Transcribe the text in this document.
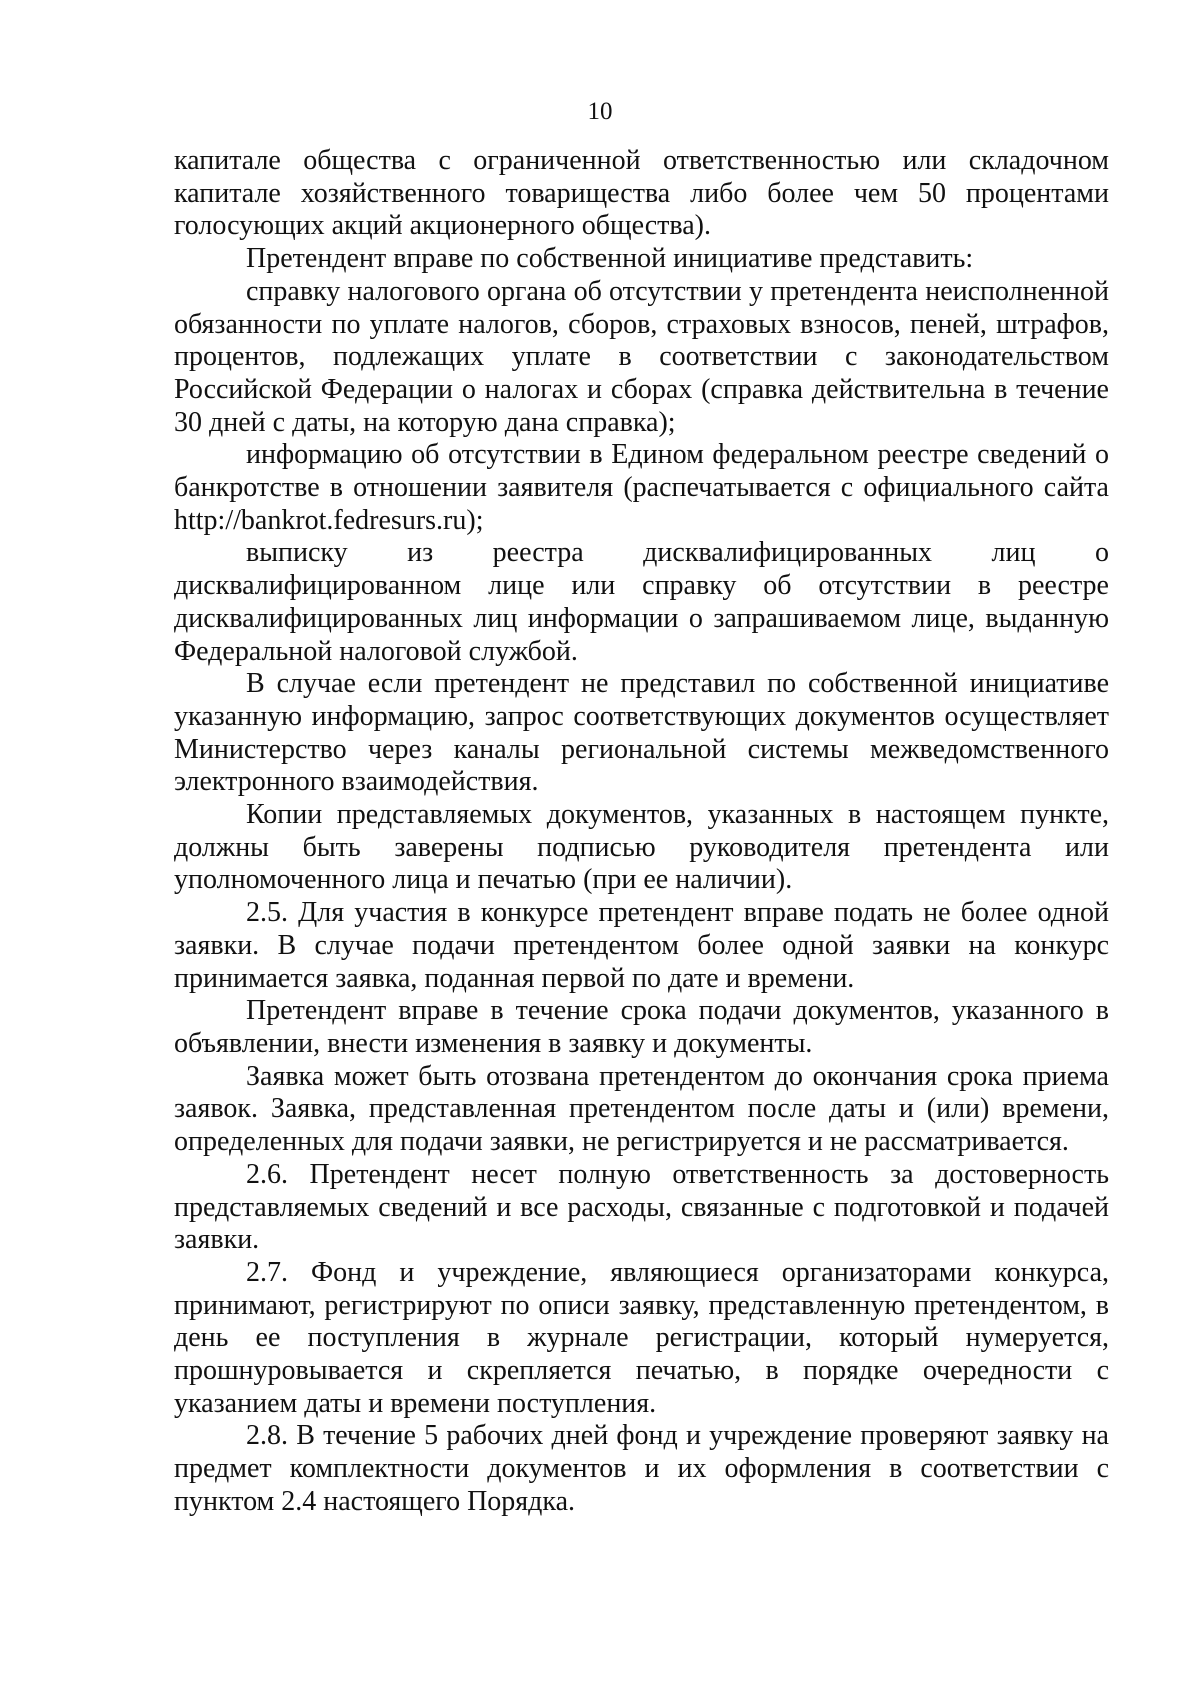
10

капитале общества с ограниченной ответственностью или складочном капитале хозяйственного товарищества либо более чем 50 процентами голосующих акций акционерного общества).

Претендент вправе по собственной инициативе представить:

справку налогового органа об отсутствии у претендента неисполненной обязанности по уплате налогов, сборов, страховых взносов, пеней, штрафов, процентов, подлежащих уплате в соответствии с законодательством Российской Федерации о налогах и сборах (справка действительна в течение 30 дней с даты, на которую дана справка);

информацию об отсутствии в Едином федеральном реестре сведений о банкротстве в отношении заявителя (распечатывается с официального сайта http://bankrot.fedresurs.ru);

выписку из реестра дисквалифицированных лиц о дисквалифицированном лице или справку об отсутствии в реестре дисквалифицированных лиц информации о запрашиваемом лице, выданную Федеральной налоговой службой.

В случае если претендент не представил по собственной инициативе указанную информацию, запрос соответствующих документов осуществляет Министерство через каналы региональной системы межведомственного электронного взаимодействия.

Копии представляемых документов, указанных в настоящем пункте, должны быть заверены подписью руководителя претендента или уполномоченного лица и печатью (при ее наличии).

2.5. Для участия в конкурсе претендент вправе подать не более одной заявки. В случае подачи претендентом более одной заявки на конкурс принимается заявка, поданная первой по дате и времени.

Претендент вправе в течение срока подачи документов, указанного в объявлении, внести изменения в заявку и документы.

Заявка может быть отозвана претендентом до окончания срока приема заявок. Заявка, представленная претендентом после даты и (или) времени, определенных для подачи заявки, не регистрируется и не рассматривается.

2.6. Претендент несет полную ответственность за достоверность представляемых сведений и все расходы, связанные с подготовкой и подачей заявки.

2.7. Фонд и учреждение, являющиеся организаторами конкурса, принимают, регистрируют по описи заявку, представленную претендентом, в день ее поступления в журнале регистрации, который нумеруется, прошнуровывается и скрепляется печатью, в порядке очередности с указанием даты и времени поступления.

2.8. В течение 5 рабочих дней фонд и учреждение проверяют заявку на предмет комплектности документов и их оформления в соответствии с пунктом 2.4 настоящего Порядка.
